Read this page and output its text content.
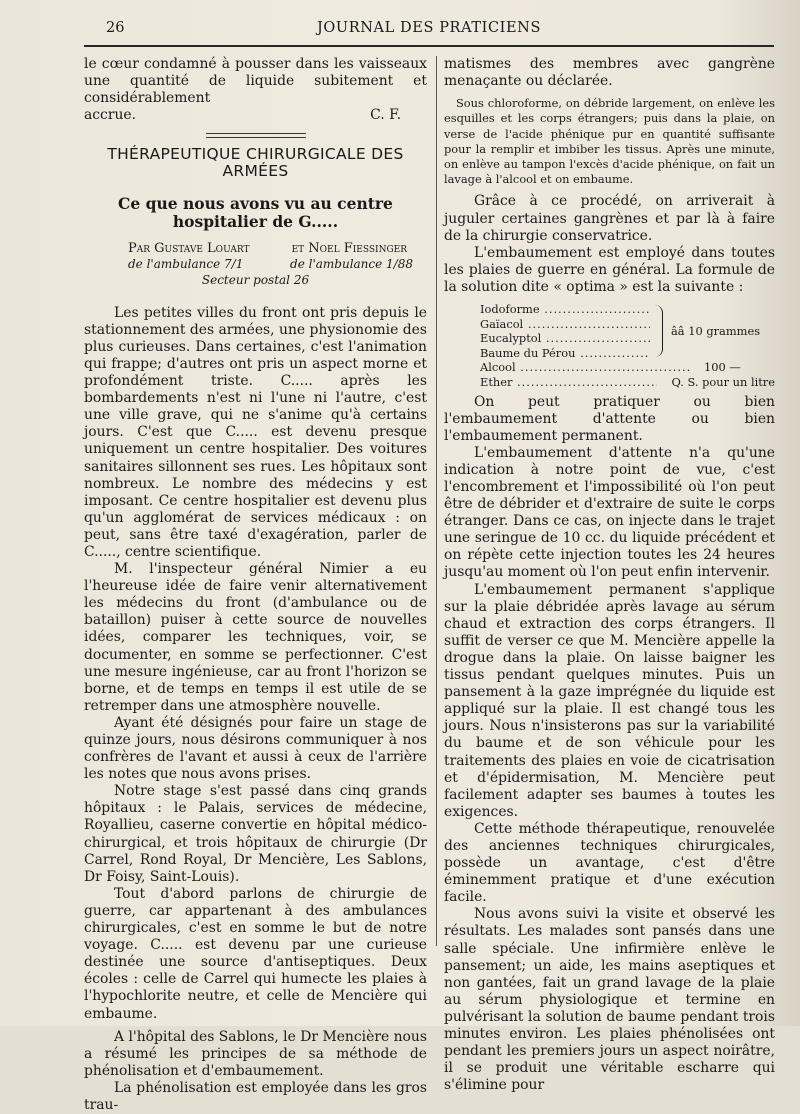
26	JOURNAL DES PRATICIENS

le cœur condamné à pousser dans les vaisseaux une quantité de liquide subitement et considérablement

accrue.	C. F.
THÉRAPEUTIQUE CHIRURGICALE DES ARMÉES
Ce que nous avons vu au centre hospitalier de G.....
Par Gustave Louart	et Noel Fiessinger
de l'ambulance 7/1	de l'ambulance 1/88
Secteur postal 26

Les petites villes du front ont pris depuis le stationnement des armées, une physionomie des plus curieuses. Dans certaines, c'est l'animation qui frappe; d'autres ont pris un aspect morne et profondément triste. C..... après les bombardements n'est ni l'une ni l'autre, c'est une ville grave, qui ne s'anime qu'à certains jours. C'est que C..... est devenu presque uniquement un centre hospitalier. Des voitures sanitaires sillonnent ses rues. Les hôpitaux sont nombreux. Le nombre des médecins y est imposant. Ce centre hospitalier est devenu plus qu'un agglomérat de services médicaux : on peut, sans être taxé d'exagération, parler de C....., centre scientifique.

M. l'inspecteur général Nimier a eu l'heureuse idée de faire venir alternativement les médecins du front (d'ambulance ou de bataillon) puiser à cette source de nouvelles idées, comparer les techniques, voir, se documenter, en somme se perfectionner. C'est une mesure ingénieuse, car au front l'horizon se borne, et de temps en temps il est utile de se retremper dans une atmosphère nouvelle.

Ayant été désignés pour faire un stage de quinze jours, nous désirons communiquer à nos confrères de l'avant et aussi à ceux de l'arrière les notes que nous avons prises.

Notre stage s'est passé dans cinq grands hôpitaux : le Palais, services de médecine, Royallieu, caserne convertie en hôpital médico-chirurgical, et trois hôpitaux de chirurgie (Dr Carrel, Rond Royal, Dr Mencière, Les Sablons, Dr Foisy, Saint-Louis).

Tout d'abord parlons de chirurgie de guerre, car appartenant à des ambulances chirurgicales, c'est en somme le but de notre voyage. C..... est devenu par une curieuse destinée une source d'antiseptiques. Deux écoles : celle de Carrel qui humecte les plaies à l'hypochlorite neutre, et celle de Mencière qui embaume.

A l'hôpital des Sablons, le Dr Mencière nous a résumé les principes de sa méthode de phénolisation et d'embaumement.

La phénolisation est employée dans les gros trau-

matismes des membres avec gangrène menaçante ou déclarée.

Sous chloroforme, on débride largement, on enlève les esquilles et les corps étrangers; puis dans la plaie, on verse de l'acide phénique pur en quantité suffisante pour la remplir et imbiber les tissus. Après une minute, on enlève au tampon l'excès d'acide phénique, on fait un lavage à l'alcool et on embaume.

Grâce à ce procédé, on arriverait à juguler certaines gangrènes et par là à faire de la chirurgie conservatrice.

L'embaumement est employé dans toutes les plaies de guerre en général. La formule de la solution dite « optima » est la suivante :

Iodoforme .....
Gaïacol .....
Eucalyptol .....
Baume du Pérou .....
ââ 10 grammes
Alcool .....	100 —
Ether .....	Q. S. pour un litre

On peut pratiquer ou bien l'embaumement d'attente ou bien l'embaumement permanent.

L'embaumement d'attente n'a qu'une indication à notre point de vue, c'est l'encombrement et l'impossibilité où l'on peut être de débrider et d'extraire de suite le corps étranger. Dans ce cas, on injecte dans le trajet une seringue de 10 cc. du liquide précédent et on répète cette injection toutes les 24 heures jusqu'au moment où l'on peut enfin intervenir.

L'embaumement permanent s'applique sur la plaie débridée après lavage au sérum chaud et extraction des corps étrangers. Il suffit de verser ce que M. Mencière appelle la drogue dans la plaie. On laisse baigner les tissus pendant quelques minutes. Puis un pansement à la gaze imprégnée du liquide est appliqué sur la plaie. Il est changé tous les jours. Nous n'insisterons pas sur la variabilité du baume et de son véhicule pour les traitements des plaies en voie de cicatrisation et d'épidermisation, M. Mencière peut facilement adapter ses baumes à toutes les exigences.

Cette méthode thérapeutique, renouvelée des anciennes techniques chirurgicales, possède un avantage, c'est d'être éminemment pratique et d'une exécution facile.

Nous avons suivi la visite et observé les résultats. Les malades sont pansés dans une salle spéciale. Une infirmière enlève le pansement; un aide, les mains aseptiques et non gantées, fait un grand lavage de la plaie au sérum physiologique et termine en pulvérisant la solution de baume pendant trois minutes environ. Les plaies phénolisées ont pendant les premiers jours un aspect noirâtre, il se produit une véritable escharre qui s'élimine pour
